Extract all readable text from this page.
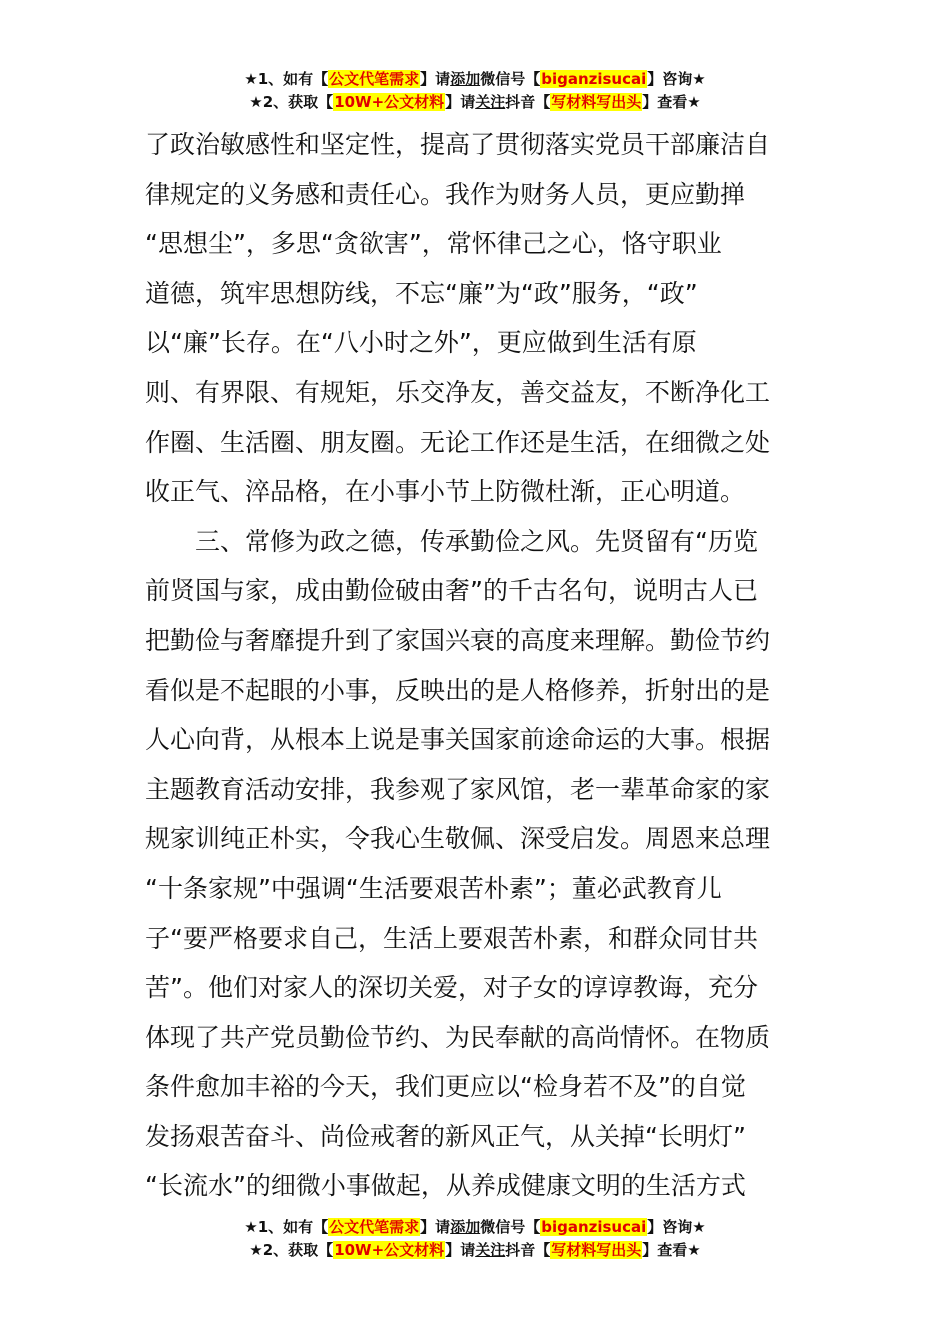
★1、如有【公文代笔需求】请添加微信号【biganzisucai】咨询★
★2、获取【10W+公文材料】请关注抖音【写材料写出头】查看★
了政治敏感性和坚定性，提高了贯彻落实党员干部廉洁自
律规定的义务感和责任心。我作为财务人员，更应勤掸
“思想尘”，多思“贪欲害”，常怀律己之心，恪守职业
道德，筑牢思想防线，不忘“廉”为“政”服务，“政”
以“廉”长存。在“八小时之外”，更应做到生活有原
则、有界限、有规矩，乐交净友，善交益友，不断净化工
作圈、生活圈、朋友圈。无论工作还是生活，在细微之处
收正气、淬品格，在小事小节上防微杜渐，正心明道。
三、常修为政之德，传承勤俭之风。先贤留有“历览
前贤国与家，成由勤俭破由奢”的千古名句，说明古人已
把勤俭与奢靡提升到了家国兴衰的高度来理解。勤俭节约
看似是不起眼的小事，反映出的是人格修养，折射出的是
人心向背，从根本上说是事关国家前途命运的大事。根据
主题教育活动安排，我参观了家风馆，老一辈革命家的家
规家训纯正朴实，令我心生敬佩、深受启发。周恩来总理
“十条家规”中强调“生活要艰苦朴素”；董必武教育儿
子“要严格要求自己，生活上要艰苦朴素，和群众同甘共
苦”。他们对家人的深切关爱，对子女的谆谆教诲，充分
体现了共产党员勤俭节约、为民奉献的高尚情怀。在物质
条件愈加丰裕的今天，我们更应以“检身若不及”的自觉
发扬艰苦奋斗、尚俭戒奢的新风正气，从关掉“长明灯”
“长流水”的细微小事做起，从养成健康文明的生活方式
★1、如有【公文代笔需求】请添加微信号【biganzisucai】咨询★
★2、获取【10W+公文材料】请关注抖音【写材料写出头】查看★
